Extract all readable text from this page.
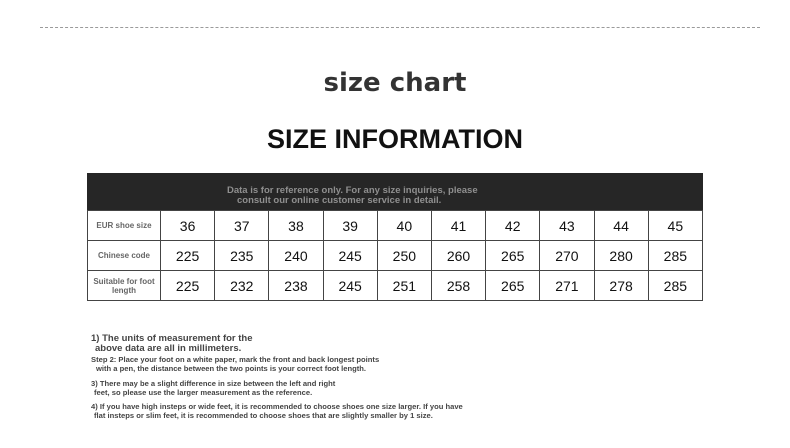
size chart
SIZE INFORMATION
Data is for reference only. For any size inquiries, please
consult our online customer service in detail.
EUR shoe size	36	37	38	39	40	41	42	43	44	45
Chinese code	225	235	240	245	250	260	265	270	280	285
Suitable for foot length	225	232	238	245	251	258	265	271	278	285
1) The units of measurement for the
above data are all in millimeters.
Step 2: Place your foot on a white paper, mark the front and back longest points
with a pen, the distance between the two points is your correct foot length.
3) There may be a slight difference in size between the left and right
feet, so please use the larger measurement as the reference.
4) If you have high insteps or wide feet, it is recommended to choose shoes one size larger. If you have
flat insteps or slim feet, it is recommended to choose shoes that are slightly smaller by 1 size.
